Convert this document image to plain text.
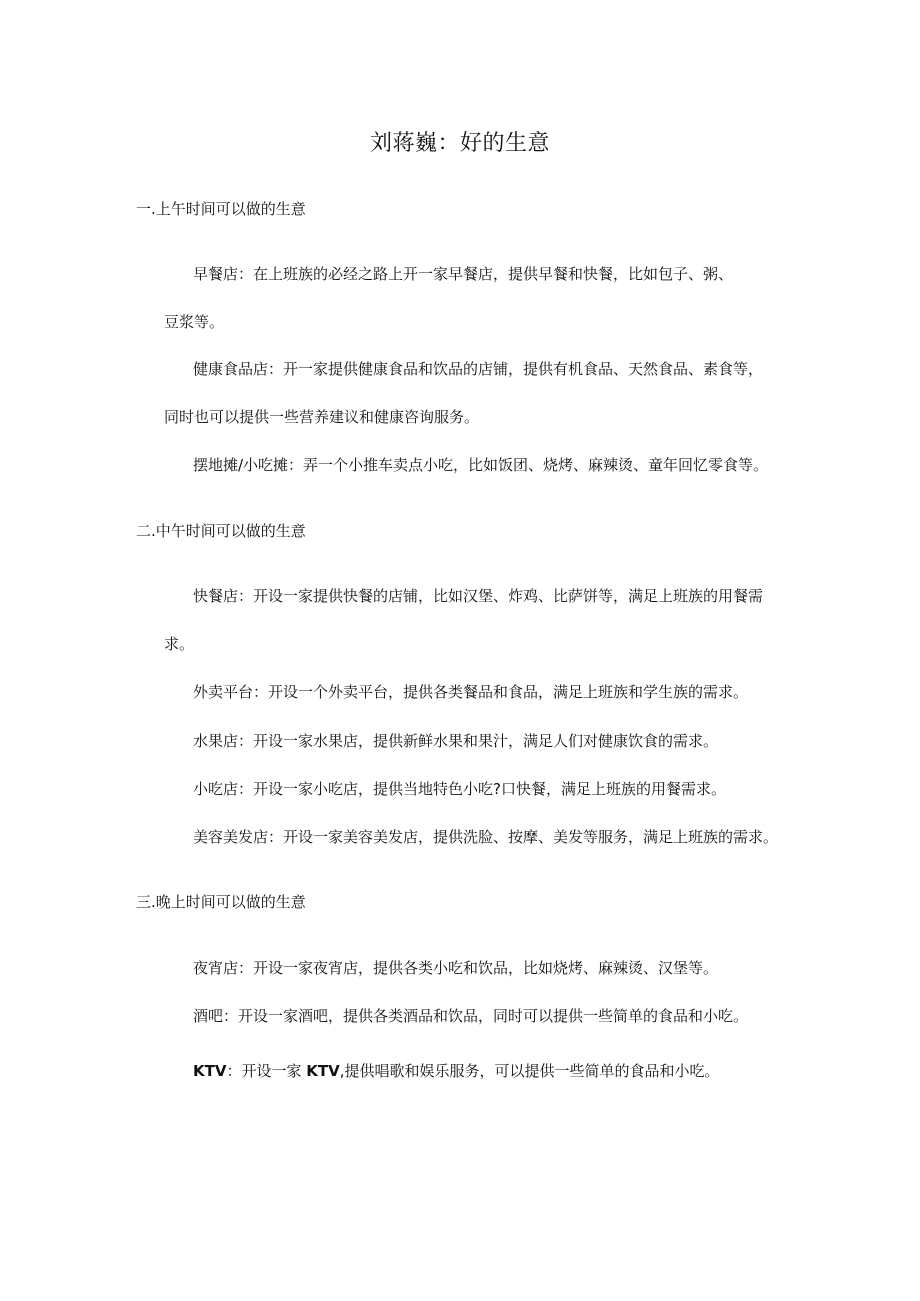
刘蒋巍：好的生意
一.上午时间可以做的生意
早餐店：在上班族的必经之路上开一家早餐店，提供早餐和快餐，比如包子、粥、
豆浆等。
健康食品店：开一家提供健康食品和饮品的店铺，提供有机食品、天然食品、素食等，
同时也可以提供一些营养建议和健康咨询服务。
摆地摊/小吃摊：弄一个小推车卖点小吃，比如饭团、烧烤、麻辣烫、童年回忆零食等。
二.中午时间可以做的生意
快餐店：开设一家提供快餐的店铺，比如汉堡、炸鸡、比萨饼等，满足上班族的用餐需
求。
外卖平台：开设一个外卖平台，提供各类餐品和食品，满足上班族和学生族的需求。
水果店：开设一家水果店，提供新鲜水果和果汁，满足人们对健康饮食的需求。
小吃店：开设一家小吃店，提供当地特色小吃?口快餐，满足上班族的用餐需求。
美容美发店：开设一家美容美发店，提供洗脸、按摩、美发等服务，满足上班族的需求。
三.晚上时间可以做的生意
夜宵店：开设一家夜宵店，提供各类小吃和饮品，比如烧烤、麻辣烫、汉堡等。
酒吧：开设一家酒吧，提供各类酒品和饮品，同时可以提供一些简单的食品和小吃。
KTV：开设一家 KTV,提供唱歌和娱乐服务，可以提供一些简单的食品和小吃。
